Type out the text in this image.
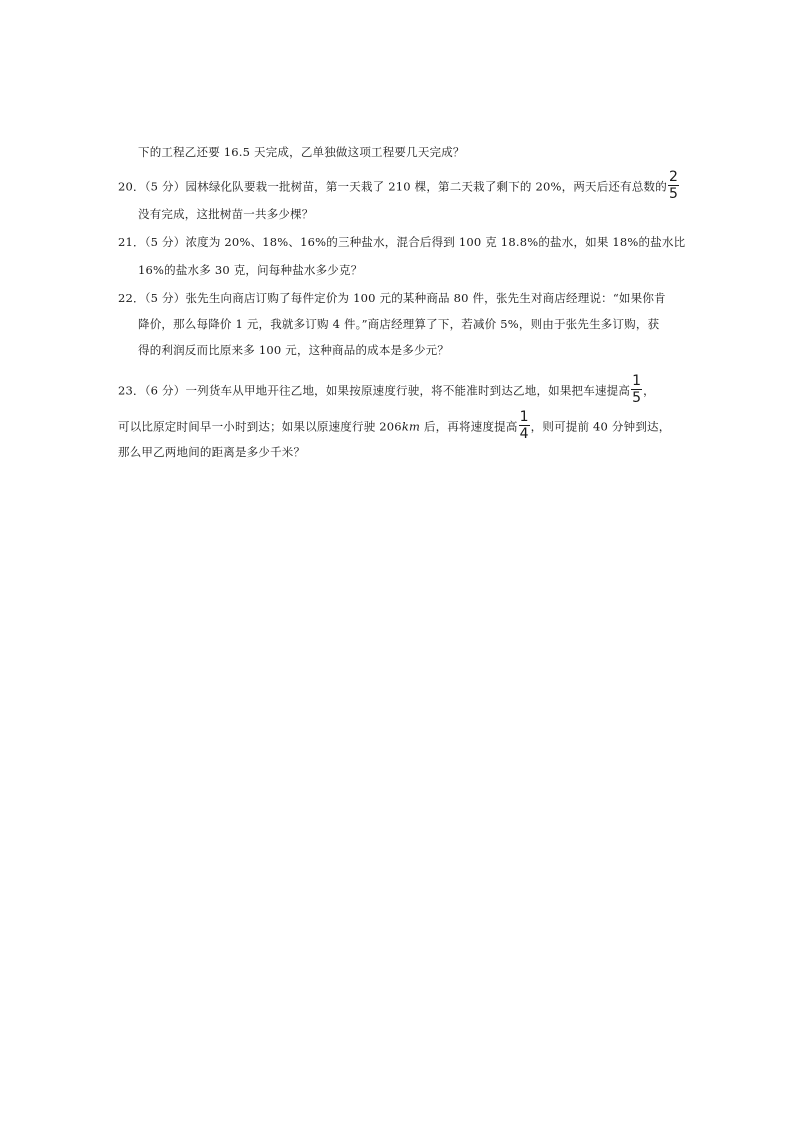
下的工程乙还要 16.5 天完成，乙单独做这项工程要几天完成？
20．（5 分）园林绿化队要栽一批树苗，第一天栽了 210 棵，第二天栽了剩下的 20%，两天后还有总数的 $\frac{2}{5}$
没有完成，这批树苗一共多少棵？
21．（5 分）浓度为 20%、18%、16%的三种盐水，混合后得到 100 克 18.8%的盐水，如果 18%的盐水比
16%的盐水多 30 克，问每种盐水多少克？
22．（5 分）张先生向商店订购了每件定价为 100 元的某种商品 80 件，张先生对商店经理说：“如果你肯
降价，那么每降价 1 元，我就多订购 4 件。”商店经理算了下，若减价 5%，则由于张先生多订购，获
得的利润反而比原来多 100 元，这种商品的成本是多少元？
23．（6 分）一列货车从甲地开往乙地，如果按原速度行驶，将不能准时到达乙地，如果把车速提高 $\frac{1}{5}$ ，
可以比原定时间早一小时到达；如果以原速度行驶 206km 后，再将速度提高 $\frac{1}{4}$ ，则可提前 40 分钟到达，
那么甲乙两地间的距离是多少千米？
